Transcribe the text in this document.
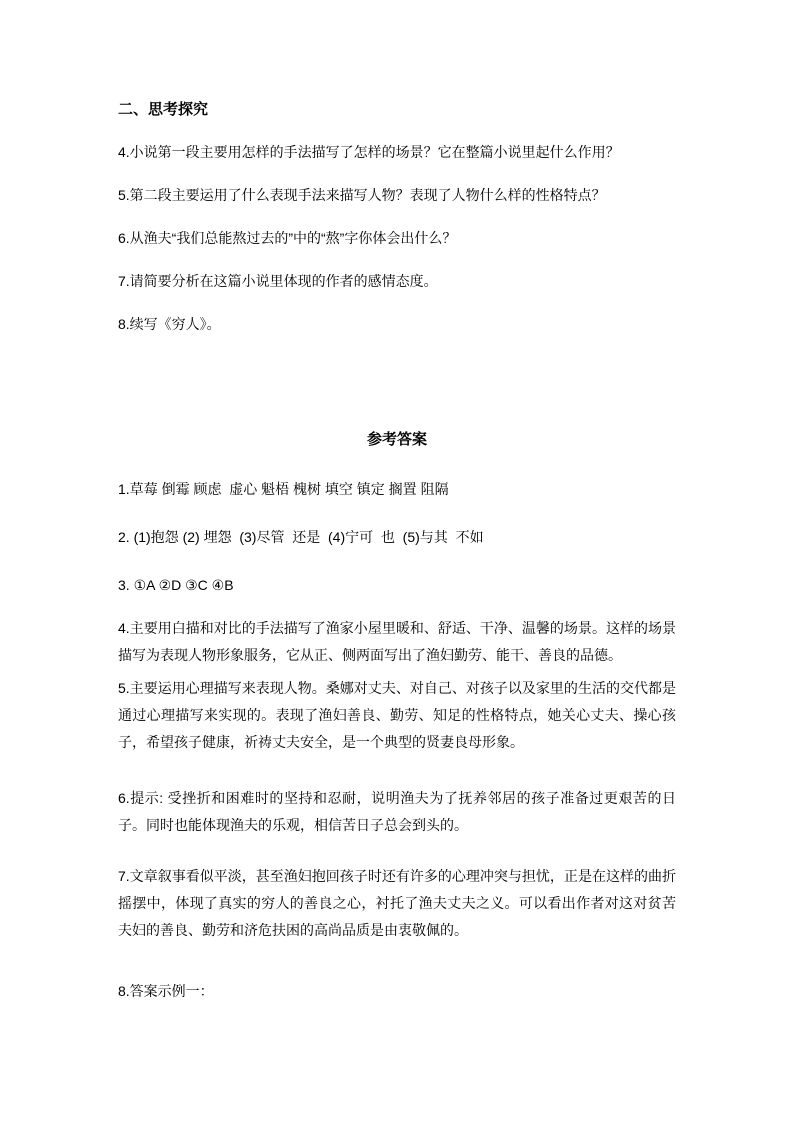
二、思考探究

4.小说第一段主要用怎样的手法描写了怎样的场景？它在整篇小说里起什么作用？

5.第二段主要运用了什么表现手法来描写人物？表现了人物什么样的性格特点？

6.从渔夫“我们总能熬过去的”中的“熬”字你体会出什么？

7.请简要分析在这篇小说里体现的作者的感情态度。

8.续写《穷人》。

参考答案

1.草莓 倒霉 顾虑  虚心 魁梧 槐树 填空 镇定 搁置 阻隔

2. (1)抱怨 (2) 埋怨  (3)尽管  还是  (4)宁可  也  (5)与其  不如

3. ①A ②D ③C ④B

4.主要用白描和对比的手法描写了渔家小屋里暖和、舒适、干净、温馨的场景。这样的场景描写为表现人物形象服务，它从正、侧两面写出了渔妇勤劳、能干、善良的品德。

5.主要运用心理描写来表现人物。桑娜对丈夫、对自己、对孩子以及家里的生活的交代都是通过心理描写来实现的。表现了渔妇善良、勤劳、知足的性格特点，她关心丈夫、操心孩子，希望孩子健康，祈祷丈夫安全，是一个典型的贤妻良母形象。

6.提示: 受挫折和困难时的坚持和忍耐，说明渔夫为了抚养邻居的孩子准备过更艰苦的日子。同时也能体现渔夫的乐观，相信苦日子总会到头的。

7.文章叙事看似平淡，甚至渔妇抱回孩子时还有许多的心理冲突与担忧，正是在这样的曲折摇摆中，体现了真实的穷人的善良之心，衬托了渔夫丈夫之义。可以看出作者对这对贫苦夫妇的善良、勤劳和济危扶困的高尚品质是由衷敬佩的。

8.答案示例一：
